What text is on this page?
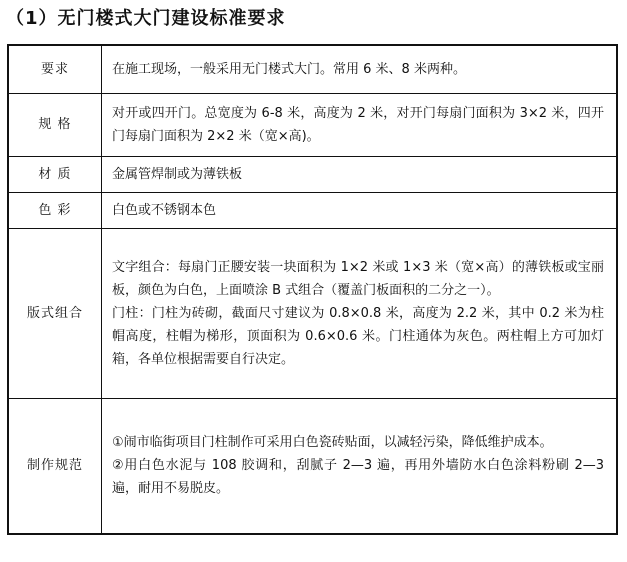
（1）无门楼式大门建设标准要求
要求	在施工现场，一般采用无门楼式大门。常用 6 米、8 米两种。

规 格	对开或四开门。总宽度为 6-8 米，高度为 2 米，对开门每扇门面积为 3×2 米，四开门每扇门面积为 2×2 米（宽×高)。

材 质	金属管焊制或为薄铁板

色 彩	白色或不锈钢本色

版式组合	文字组合：每扇门正腰安装一块面积为 1×2 米或 1×3 米（宽×高）的薄铁板或宝丽板，颜色为白色，上面喷涂 B 式组合（覆盖门板面积的二分之一）。

门柱：门柱为砖砌，截面尺寸建议为 0.8×0.8 米，高度为 2.2 米，其中 0.2 米为柱帽高度，柱帽为梯形，顶面积为 0.6×0.6 米。门柱通体为灰色。两柱帽上方可加灯箱，各单位根据需要自行决定。

制作规范	①闹市临街项目门柱制作可采用白色瓷砖贴面，以减轻污染，降低维护成本。

②用白色水泥与 108 胶调和，刮腻子 2—3 遍，再用外墙防水白色涂料粉刷 2—3 遍，耐用不易脱皮。
